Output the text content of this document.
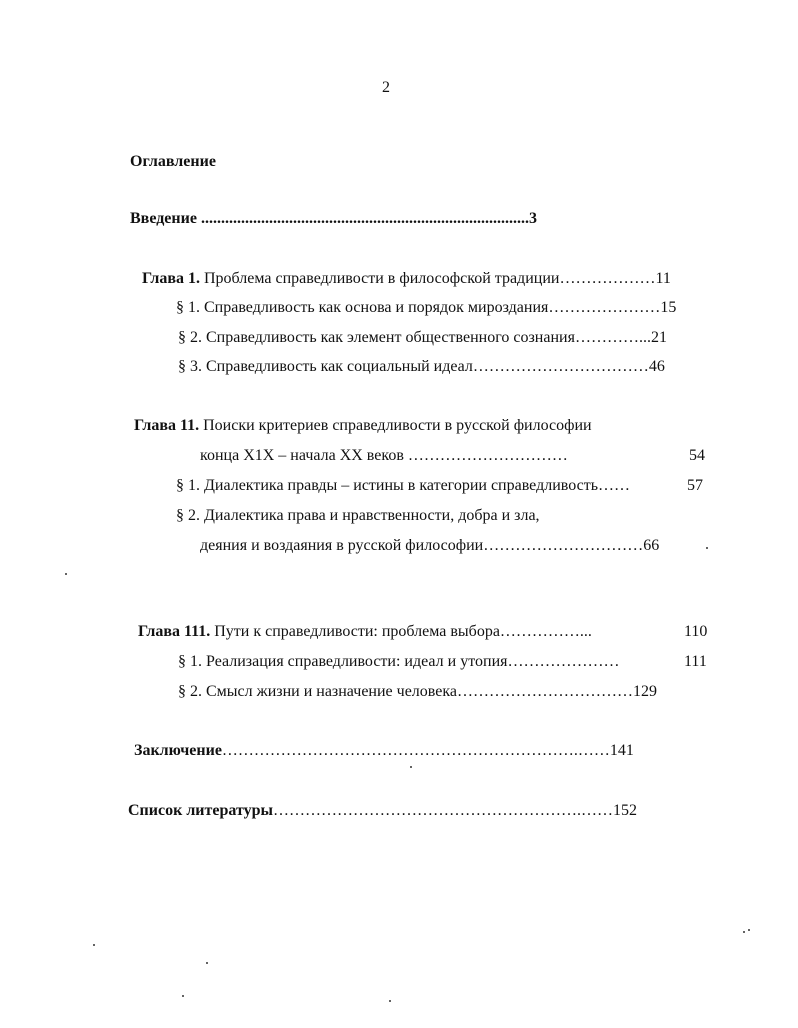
2
Оглавление
Введение ..................................................................................3
Глава 1. Проблема справедливости в философской традиции………………11
§ 1. Справедливость как основа и порядок мироздания…………………15
§ 2. Справедливость как элемент общественного сознания…………...21
§ 3. Справедливость как социальный идеал……………………………46
Глава 11. Поиски критериев справедливости в русской философии
конца Х1Х – начала ХХ веков …………………………	54
§ 1. Диалектика правды – истины в категории справедливость……	57
§ 2. Диалектика права и нравственности, добра и зла,
деяния и воздаяния в русской философии…………………………66
Глава 111. Пути к справедливости: проблема выбора……………...	110
§ 1. Реализация справедливости: идеал и утопия…………………	111
§ 2. Смысл жизни и назначение человека……………………………129
Заключение………………………………………………………….……141
Список литературы………………………………………………….……152
